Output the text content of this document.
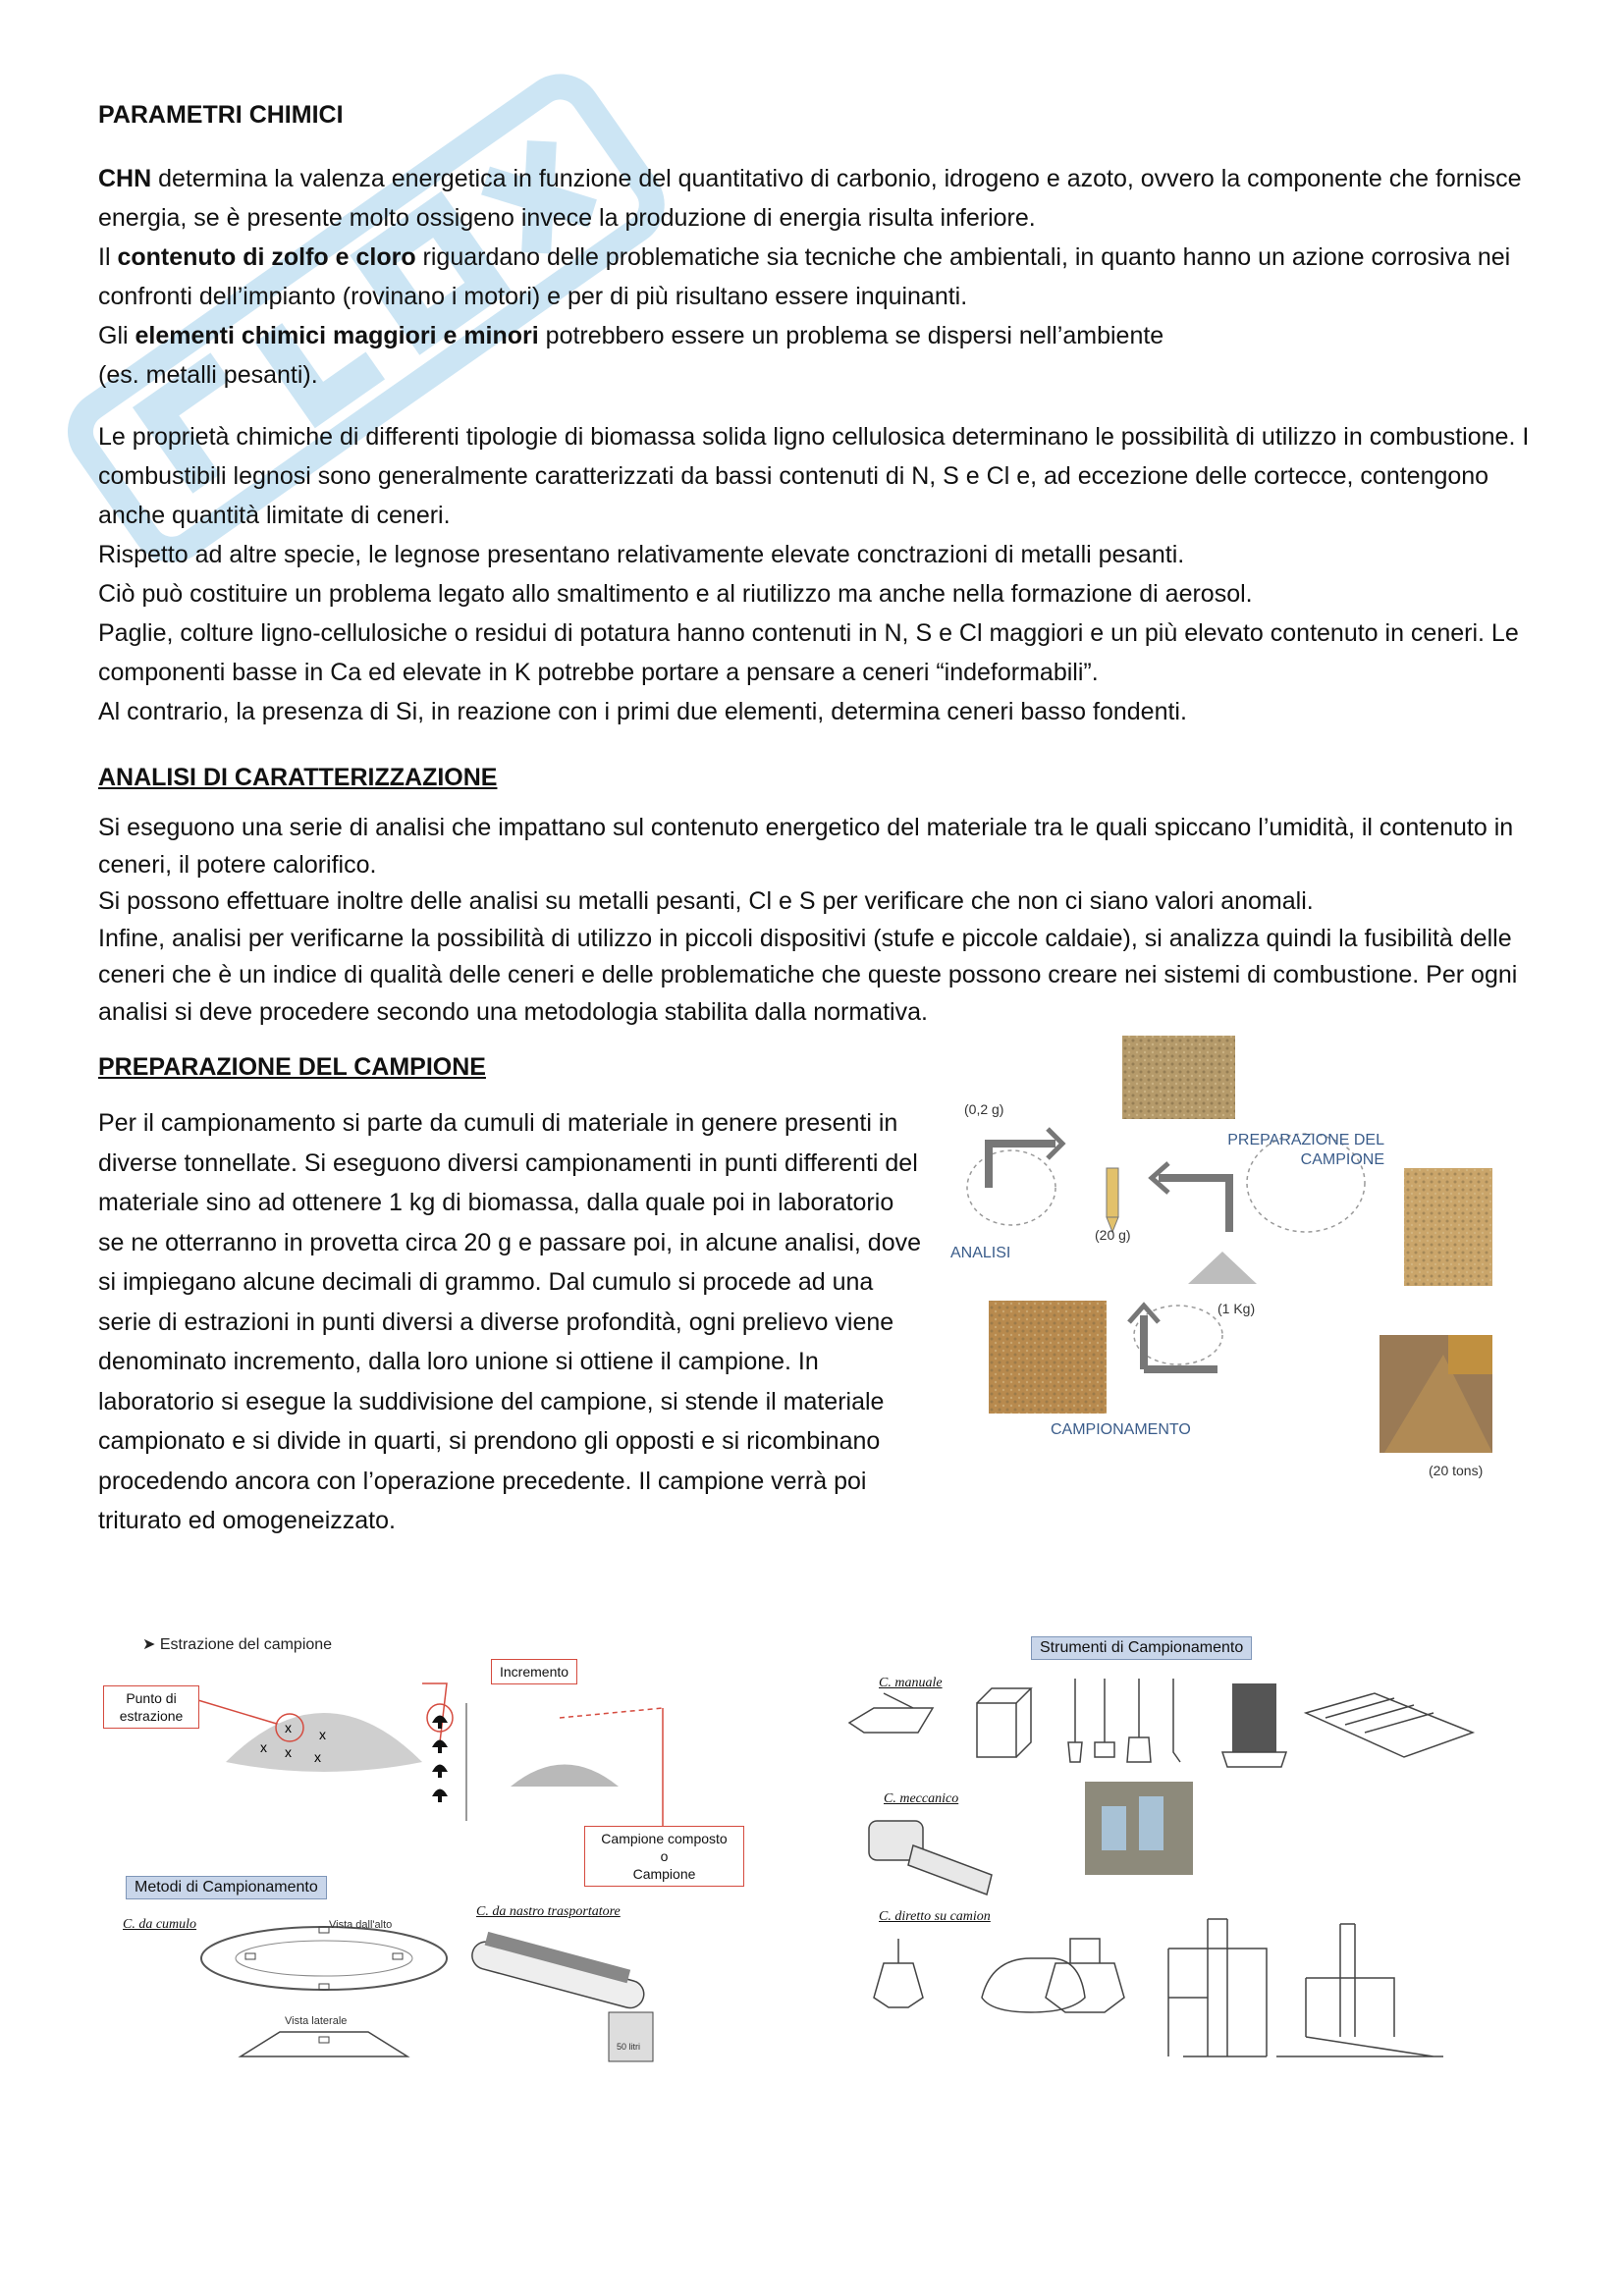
PARAMETRI CHIMICI

CHN determina la valenza energetica in funzione del quantitativo di carbonio, idrogeno e azoto, ovvero la componente che fornisce energia, se è presente molto ossigeno invece la produzione di energia risulta inferiore.

Il contenuto di zolfo e cloro riguardano delle problematiche sia tecniche che ambientali, in quanto hanno un azione corrosiva nei confronti dell’impianto (rovinano i motori) e per di più risultano essere inquinanti.

Gli elementi chimici maggiori e minori potrebbero essere un problema se dispersi nell’ambiente

(es. metalli pesanti).

Le proprietà chimiche di differenti tipologie di biomassa solida ligno cellulosica determinano le possibilità di utilizzo in combustione. I combustibili legnosi sono generalmente caratterizzati da bassi contenuti di N, S e Cl e, ad eccezione delle cortecce, contengono anche quantità limitate di ceneri.

Rispetto ad altre specie, le legnose presentano relativamente elevate conctrazioni di metalli pesanti.

Ciò può costituire un problema legato allo smaltimento e al riutilizzo ma anche nella formazione di aerosol.

Paglie, colture ligno-cellulosiche o residui di potatura hanno contenuti in N, S e Cl maggiori e un più elevato contenuto in ceneri. Le componenti basse in Ca ed elevate in K potrebbe portare a pensare a ceneri “indeformabili”.

Al contrario, la presenza di Si, in reazione con i primi due elementi, determina ceneri basso fondenti.

ANALISI DI CARATTERIZZAZIONE

Si eseguono una serie di analisi che impattano sul contenuto energetico del materiale tra le quali spiccano l’umidità, il contenuto in ceneri, il potere calorifico.

Si possono effettuare inoltre delle analisi su metalli pesanti, Cl e S per verificare che non ci siano valori anomali.

Infine, analisi per verificarne la possibilità di utilizzo in piccoli dispositivi (stufe e piccole caldaie), si analizza quindi la fusibilità delle ceneri che è un indice di qualità delle ceneri e delle problematiche che queste possono creare nei sistemi di combustione. Per ogni analisi si deve procedere secondo una metodologia stabilita dalla normativa.

PREPARAZIONE DEL CAMPIONE
Per il campionamento si parte da cumuli di materiale in genere presenti in diverse tonnellate. Si eseguono diversi campionamenti in punti differenti del materiale sino ad ottenere 1 kg di biomassa, dalla quale poi in laboratorio se ne otterranno in provetta circa 20 g e passare poi, in alcune analisi, dove si impiegano alcune decimali di grammo. Dal cumulo si procede ad una serie di estrazioni in punti diversi a diverse profondità, ogni prelievo viene denominato incremento, dalla loro unione si ottiene il campione. In laboratorio si esegue la suddivisione del campione, si stende il materiale campionato e si divide in quarti, si prendono gli opposti e si ricombinano procedendo ancora con l’operazione precedente. Il campione verrà poi triturato ed omogeneizzato.
(0,2 g)
PREPARAZIONE DEL CAMPIONE
(20 g)
ANALISI
(1 Kg)
CAMPIONAMENTO
(20 tons)
➤ Estrazione del campione
x x
x x x
Punto di estrazione
Incremento
Campione composto
o
Campione
Metodi di Campionamento
C. da cumulo	Vista dall'alto
Vista laterale
C. da nastro trasportatore
50 litri
Strumenti di Campionamento
C. manuale
C. meccanico
C. diretto su camion
